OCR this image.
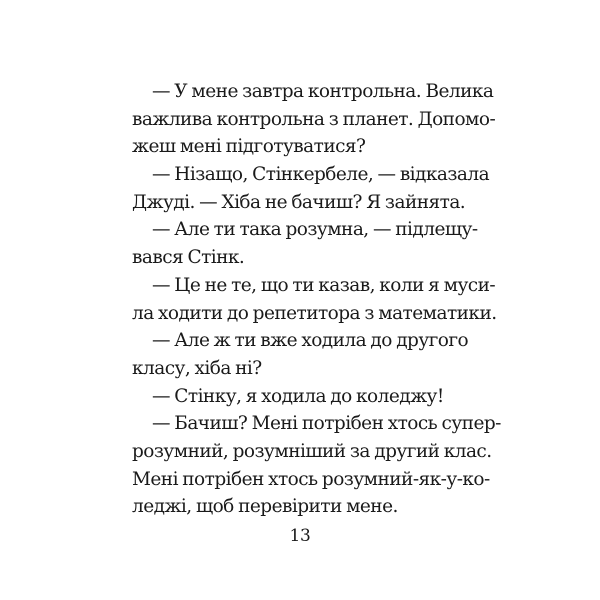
— У мене завтра контрольна. Велика
важлива контрольна з планет. Допомо-
жеш мені підготуватися?
— Нізащо, Стінкербеле, — відказала
Джуді. — Хіба не бачиш? Я зайнята.
— Але ти така розумна, — підлещу-
вався Стінк.
— Це не те, що ти казав, коли я муси-
ла ходити до репетитора з математики.
— Але ж ти вже ходила до другого
класу, хіба ні?
— Стінку, я ходила до коледжу!
— Бачиш? Мені потрібен хтось супер-
розумний, розумніший за другий клас.
Мені потрібен хтось розумний-як-у-ко-
леджі, щоб перевірити мене.
13
